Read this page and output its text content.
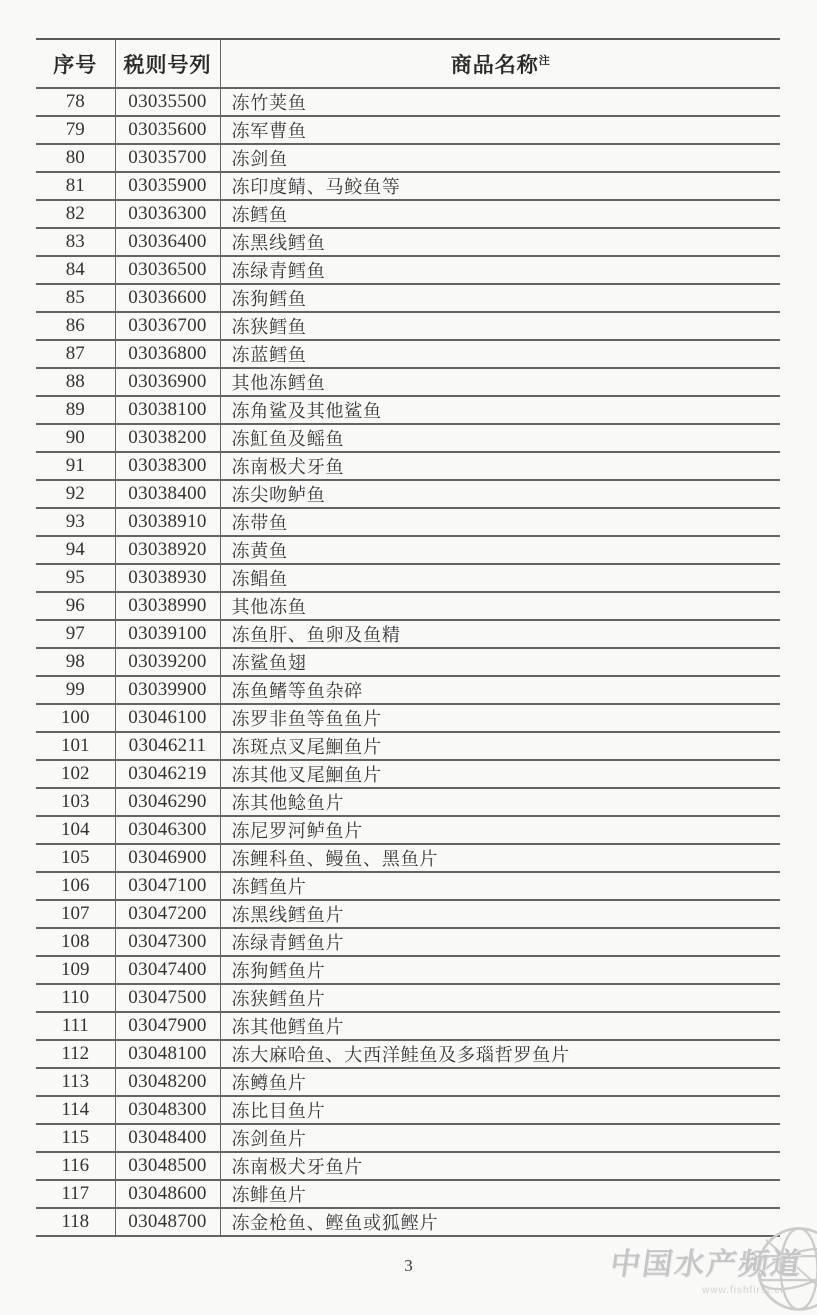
序号	税则号列	商品名称$^注$
78	03035500	冻竹荚鱼
79	03035600	冻军曹鱼
80	03035700	冻剑鱼
81	03035900	冻印度鲭、马鲛鱼等
82	03036300	冻鳕鱼
83	03036400	冻黑线鳕鱼
84	03036500	冻绿青鳕鱼
85	03036600	冻狗鳕鱼
86	03036700	冻狭鳕鱼
87	03036800	冻蓝鳕鱼
88	03036900	其他冻鳕鱼
89	03038100	冻角鲨及其他鲨鱼
90	03038200	冻魟鱼及鳐鱼
91	03038300	冻南极犬牙鱼
92	03038400	冻尖吻鲈鱼
93	03038910	冻带鱼
94	03038920	冻黄鱼
95	03038930	冻鲳鱼
96	03038990	其他冻鱼
97	03039100	冻鱼肝、鱼卵及鱼精
98	03039200	冻鲨鱼翅
99	03039900	冻鱼鳍等鱼杂碎
100	03046100	冻罗非鱼等鱼鱼片
101	03046211	冻斑点叉尾鮰鱼片
102	03046219	冻其他叉尾鮰鱼片
103	03046290	冻其他鲶鱼片
104	03046300	冻尼罗河鲈鱼片
105	03046900	冻鲤科鱼、鳗鱼、黑鱼片
106	03047100	冻鳕鱼片
107	03047200	冻黑线鳕鱼片
108	03047300	冻绿青鳕鱼片
109	03047400	冻狗鳕鱼片
110	03047500	冻狭鳕鱼片
111	03047900	冻其他鳕鱼片
112	03048100	冻大麻哈鱼、大西洋鲑鱼及多瑙哲罗鱼片
113	03048200	冻鳟鱼片
114	03048300	冻比目鱼片
115	03048400	冻剑鱼片
116	03048500	冻南极犬牙鱼片
117	03048600	冻鲱鱼片
118	03048700	冻金枪鱼、鲣鱼或狐鲣片
3	中国水产频道
www.fishfirst.cn
